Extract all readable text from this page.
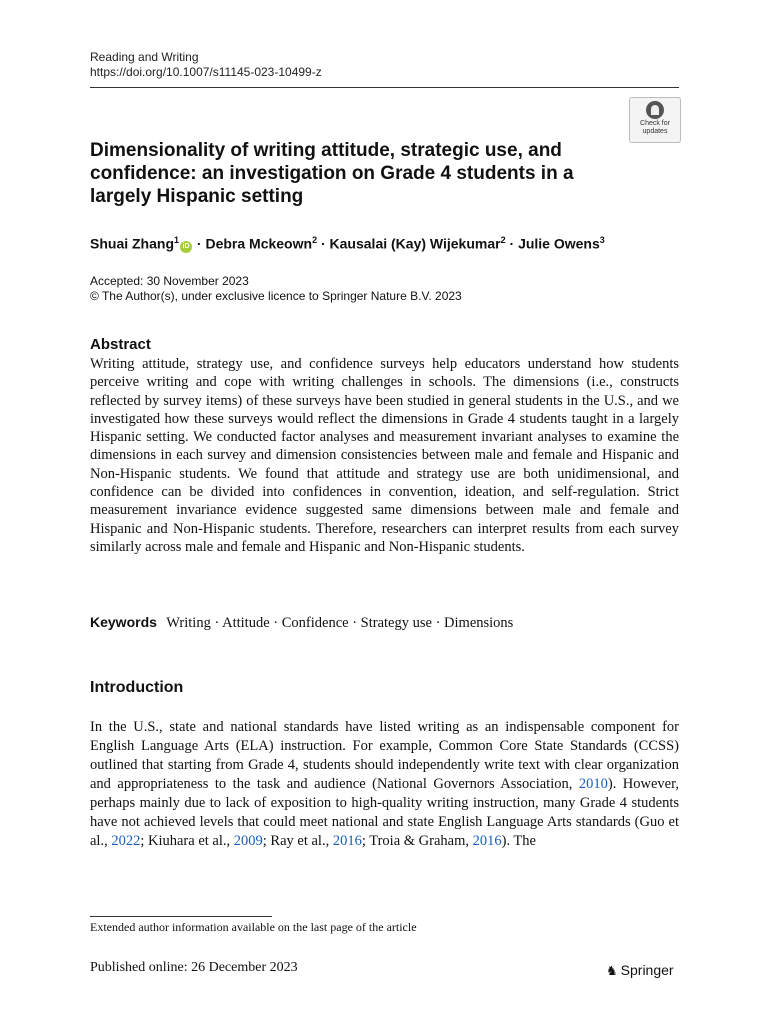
Reading and Writing
https://doi.org/10.1007/s11145-023-10499-z
Check for
updates
Dimensionality of writing attitude, strategic use, and confidence: an investigation on Grade 4 students in a largely Hispanic setting
Shuai Zhang$^1$iD · Debra Mckeown$^2$ · Kausalai (Kay) Wijekumar$^2$ · Julie Owens$^3$
Accepted: 30 November 2023
© The Author(s), under exclusive licence to Springer Nature B.V. 2023
Abstract

Writing attitude, strategy use, and confidence surveys help educators understand how students perceive writing and cope with writing challenges in schools. The dimensions (i.e., constructs reflected by survey items) of these surveys have been studied in general students in the U.S., and we investigated how these surveys would reflect the dimensions in Grade 4 students taught in a largely Hispanic setting. We conducted factor analyses and measurement invariant analyses to examine the dimensions in each survey and dimension consistencies between male and female and Hispanic and Non-Hispanic students. We found that attitude and strategy use are both unidimensional, and confidence can be divided into confidences in convention, ideation, and self-regulation. Strict measurement invariance evidence suggested same dimensions between male and female and Hispanic and Non-Hispanic students. Therefore, researchers can interpret results from each survey similarly across male and female and Hispanic and Non-Hispanic students.

Keywords Writing · Attitude · Confidence · Strategy use · Dimensions
Introduction

In the U.S., state and national standards have listed writing as an indispensable component for English Language Arts (ELA) instruction. For example, Common Core State Standards (CCSS) outlined that starting from Grade 4, students should independently write text with clear organization and appropriateness to the task and audience (National Governors Association, 2010). However, perhaps mainly due to lack of exposition to high-quality writing instruction, many Grade 4 students have not achieved levels that could meet national and state English Language Arts standards (Guo et al., 2022; Kiuhara et al., 2009; Ray et al., 2016; Troia & Graham, 2016). The

Extended author information available on the last page of the article
Published online: 26 December 2023	♞ Springer
